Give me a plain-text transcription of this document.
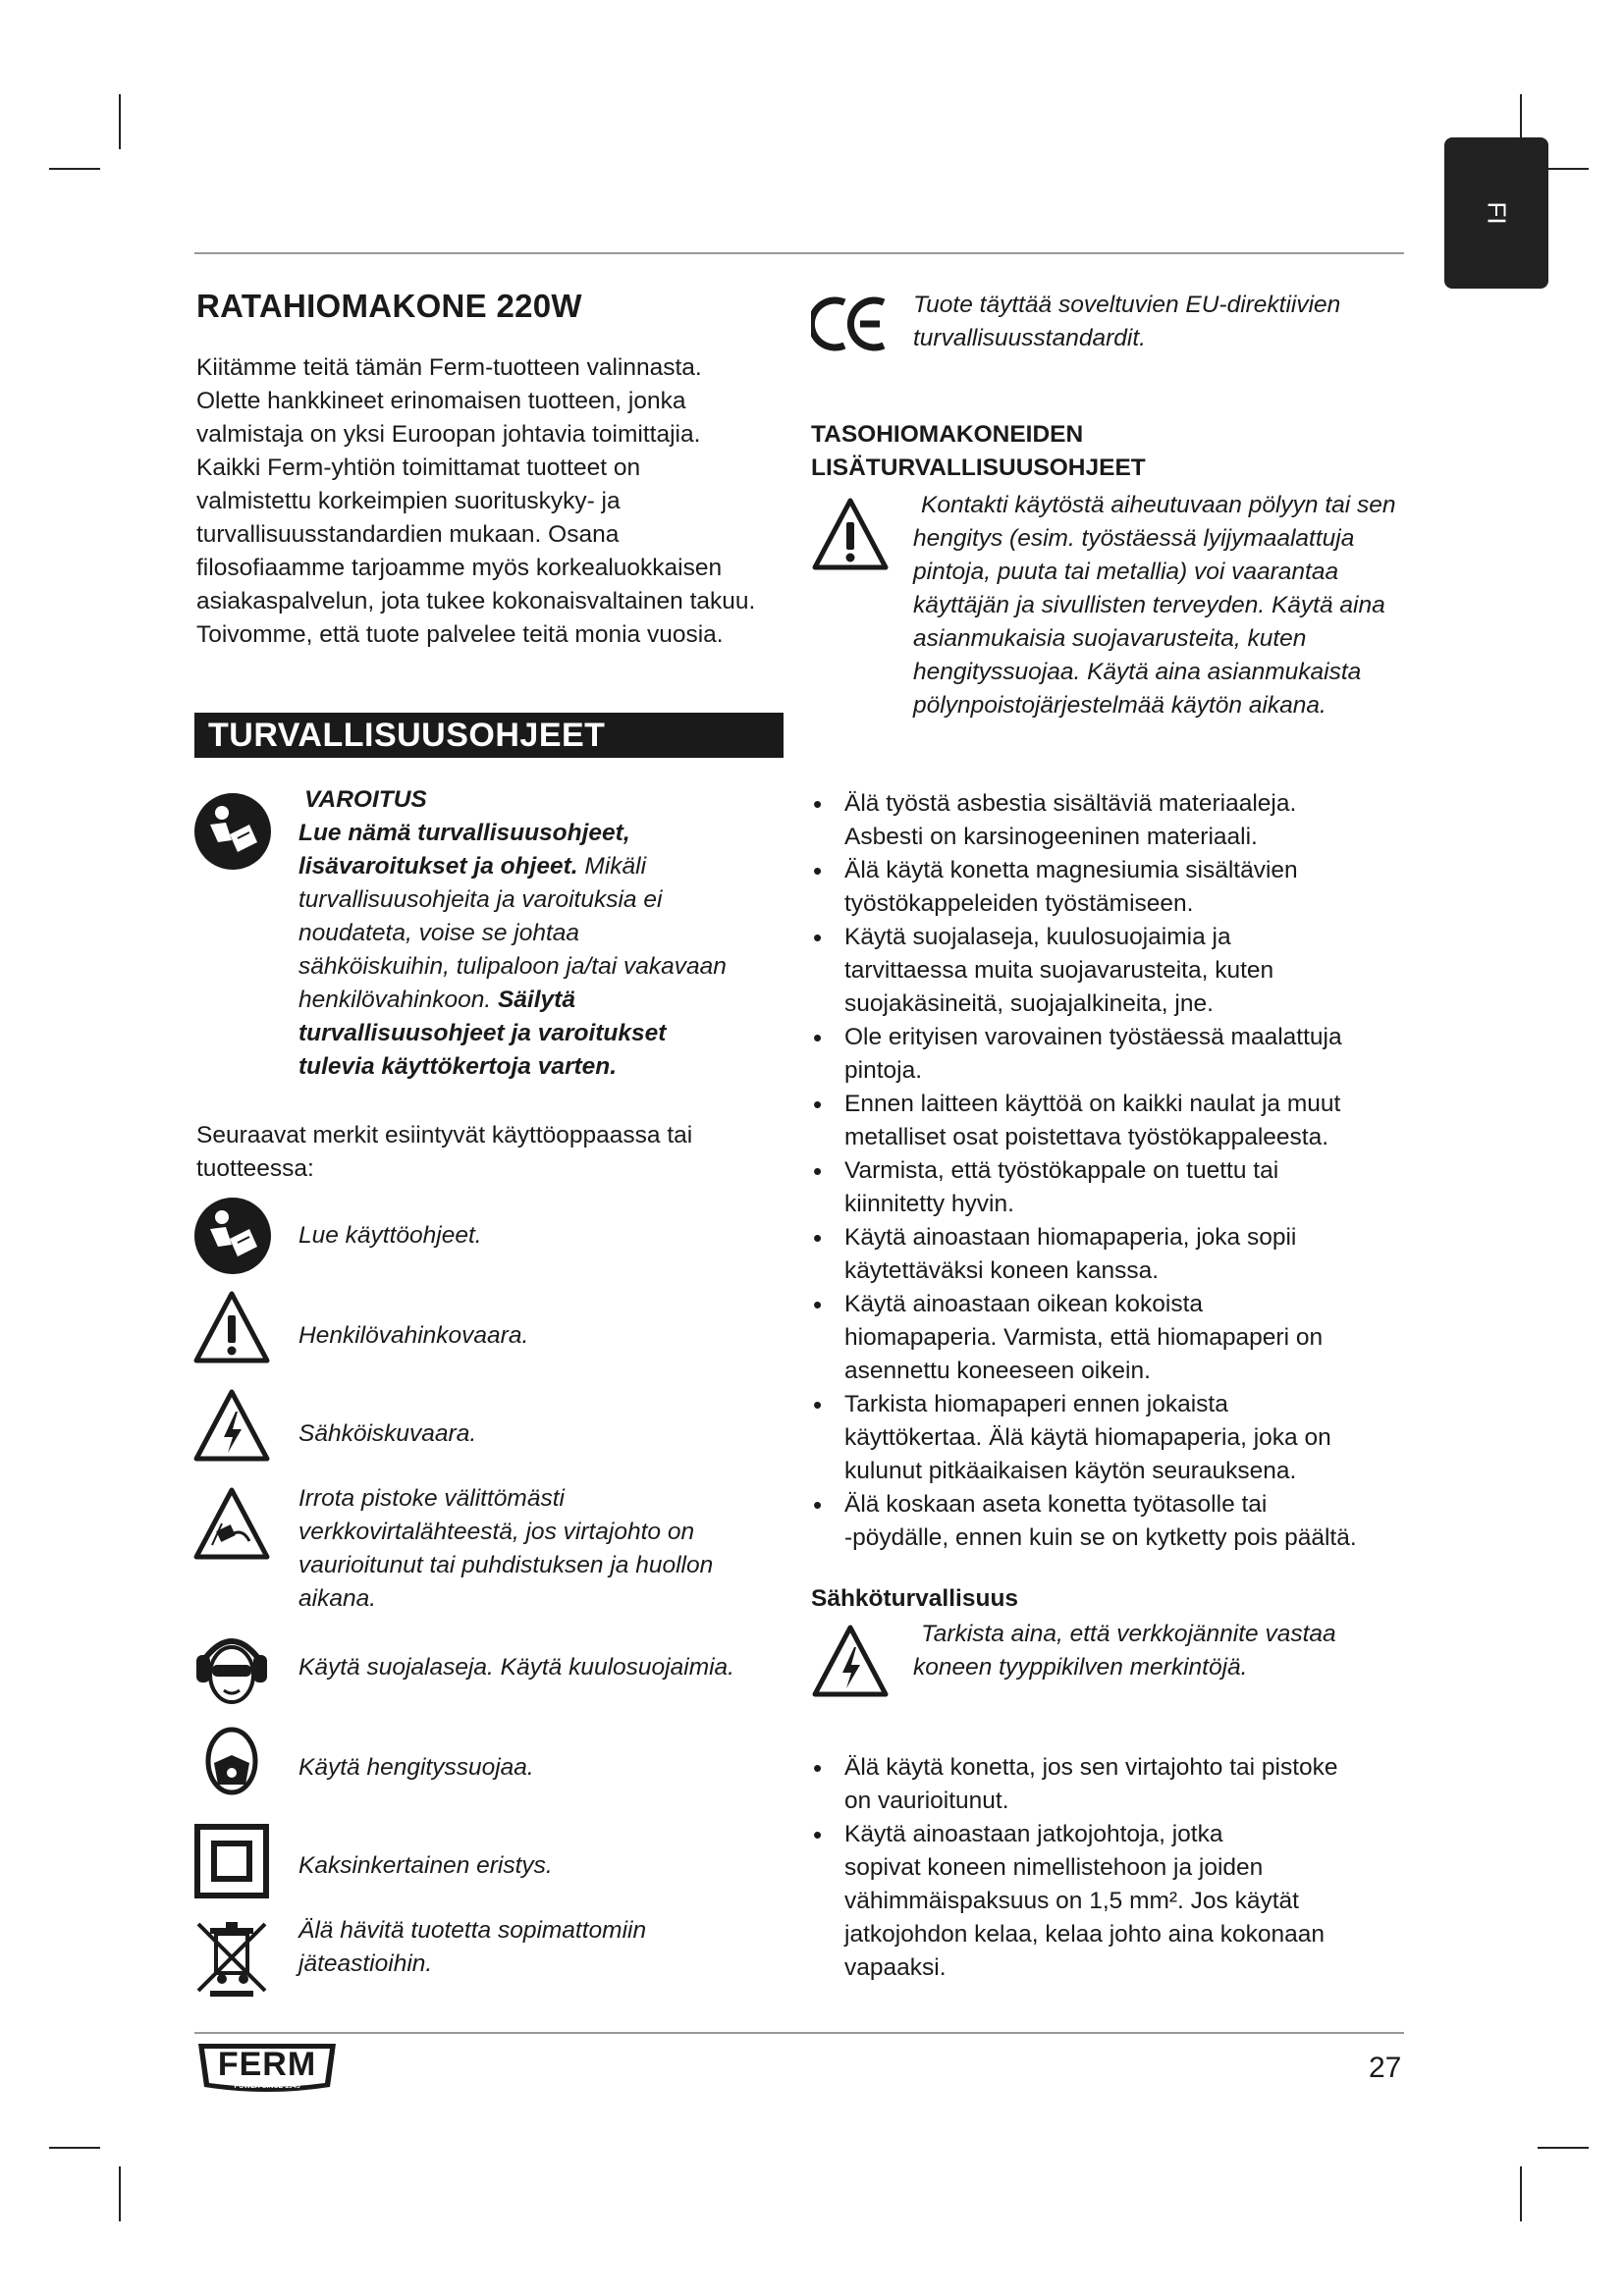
FI
RATAHIOMAKONE 220W
Kiitämme teitä tämän Ferm-tuotteen valinnasta.
Olette hankkineet erinomaisen tuotteen, jonka
valmistaja on yksi Euroopan johtavia toimittajia.
Kaikki Ferm-yhtiön toimittamat tuotteet on
valmistettu korkeimpien suorituskyky- ja
turvallisuusstandardien mukaan. Osana
filosofiaamme tarjoamme myös korkealuokkaisen
asiakaspalvelun, jota tukee kokonaisvaltainen takuu.
Toivomme, että tuote palvelee teitä monia vuosia.
TURVALLISUUSOHJEET
VAROITUS
Lue nämä turvallisuusohjeet, lisävaroitukset ja ohjeet. Mikäli turvallisuusohjeita ja varoituksia ei noudateta, voise se johtaa sähköiskuihin, tulipaloon ja/tai vakavaan henkilövahinkoon. Säilytä turvallisuusohjeet ja varoitukset tulevia käyttökertoja varten.
Seuraavat merkit esiintyvät käyttöoppaassa tai
tuotteessa:
Lue käyttöohjeet.
Henkilövahinkovaara.
Sähköiskuvaara.
Irrota pistoke välittömästi verkkovirtalähteestä, jos virtajohto on vaurioitunut tai puhdistuksen ja huollon aikana.
Käytä suojalaseja. Käytä kuulosuojaimia.
Käytä hengityssuojaa.
Kaksinkertainen eristys.
Älä hävitä tuotetta sopimattomiin jäteastioihin.
Tuote täyttää soveltuvien EU-direktiivien
turvallisuusstandardit.
TASOHIOMAKONEIDEN
LISÄTURVALLISUUSOHJEET
Kontakti käytöstä aiheutuvaan pölyyn tai sen hengitys (esim. työstäessä lyijymaalattuja pintoja, puuta tai metallia) voi vaarantaa käyttäjän ja sivullisten terveyden. Käytä aina asianmukaisia suojavarusteita, kuten hengityssuojaa. Käytä aina asianmukaista pölynpoistojärjestelmää käytön aikana.
• Älä työstä asbestia sisältäviä materiaaleja.
Asbesti on karsinogeeninen materiaali.
• Älä käytä konetta magnesiumia sisältävien
työstökappeleiden työstämiseen.
• Käytä suojalaseja, kuulosuojaimia ja
tarvittaessa muita suojavarusteita, kuten
suojakäsineitä, suojajalkineita, jne.
• Ole erityisen varovainen työstäessä maalattuja
pintoja.
• Ennen laitteen käyttöä on kaikki naulat ja muut
metalliset osat poistettava työstökappaleesta.
• Varmista, että työstökappale on tuettu tai
kiinnitetty hyvin.
• Käytä ainoastaan hiomapaperia, joka sopii
käytettäväksi koneen kanssa.
• Käytä ainoastaan oikean kokoista
hiomapaperia. Varmista, että hiomapaperi on
asennettu koneeseen oikein.
• Tarkista hiomapaperi ennen jokaista
käyttökertaa. Älä käytä hiomapaperia, joka on
kulunut pitkäaikaisen käytön seurauksena.
• Älä koskaan aseta konetta työtasolle tai
-pöydälle, ennen kuin se on kytketty pois päältä.
Sähköturvallisuus
Tarkista aina, että verkkojännite vastaa koneen tyyppikilven merkintöjä.
• Älä käytä konetta, jos sen virtajohto tai pistoke
on vaurioitunut.
• Käytä ainoastaan jatkojohtoja, jotka
sopivat koneen nimellistehoon ja joiden
vähimmäispaksuus on 1,5 mm². Jos käytät
jatkojohdon kelaa, kelaa johto aina kokonaan
vapaaksi.
FERM
POWER SINCE 1945
27
